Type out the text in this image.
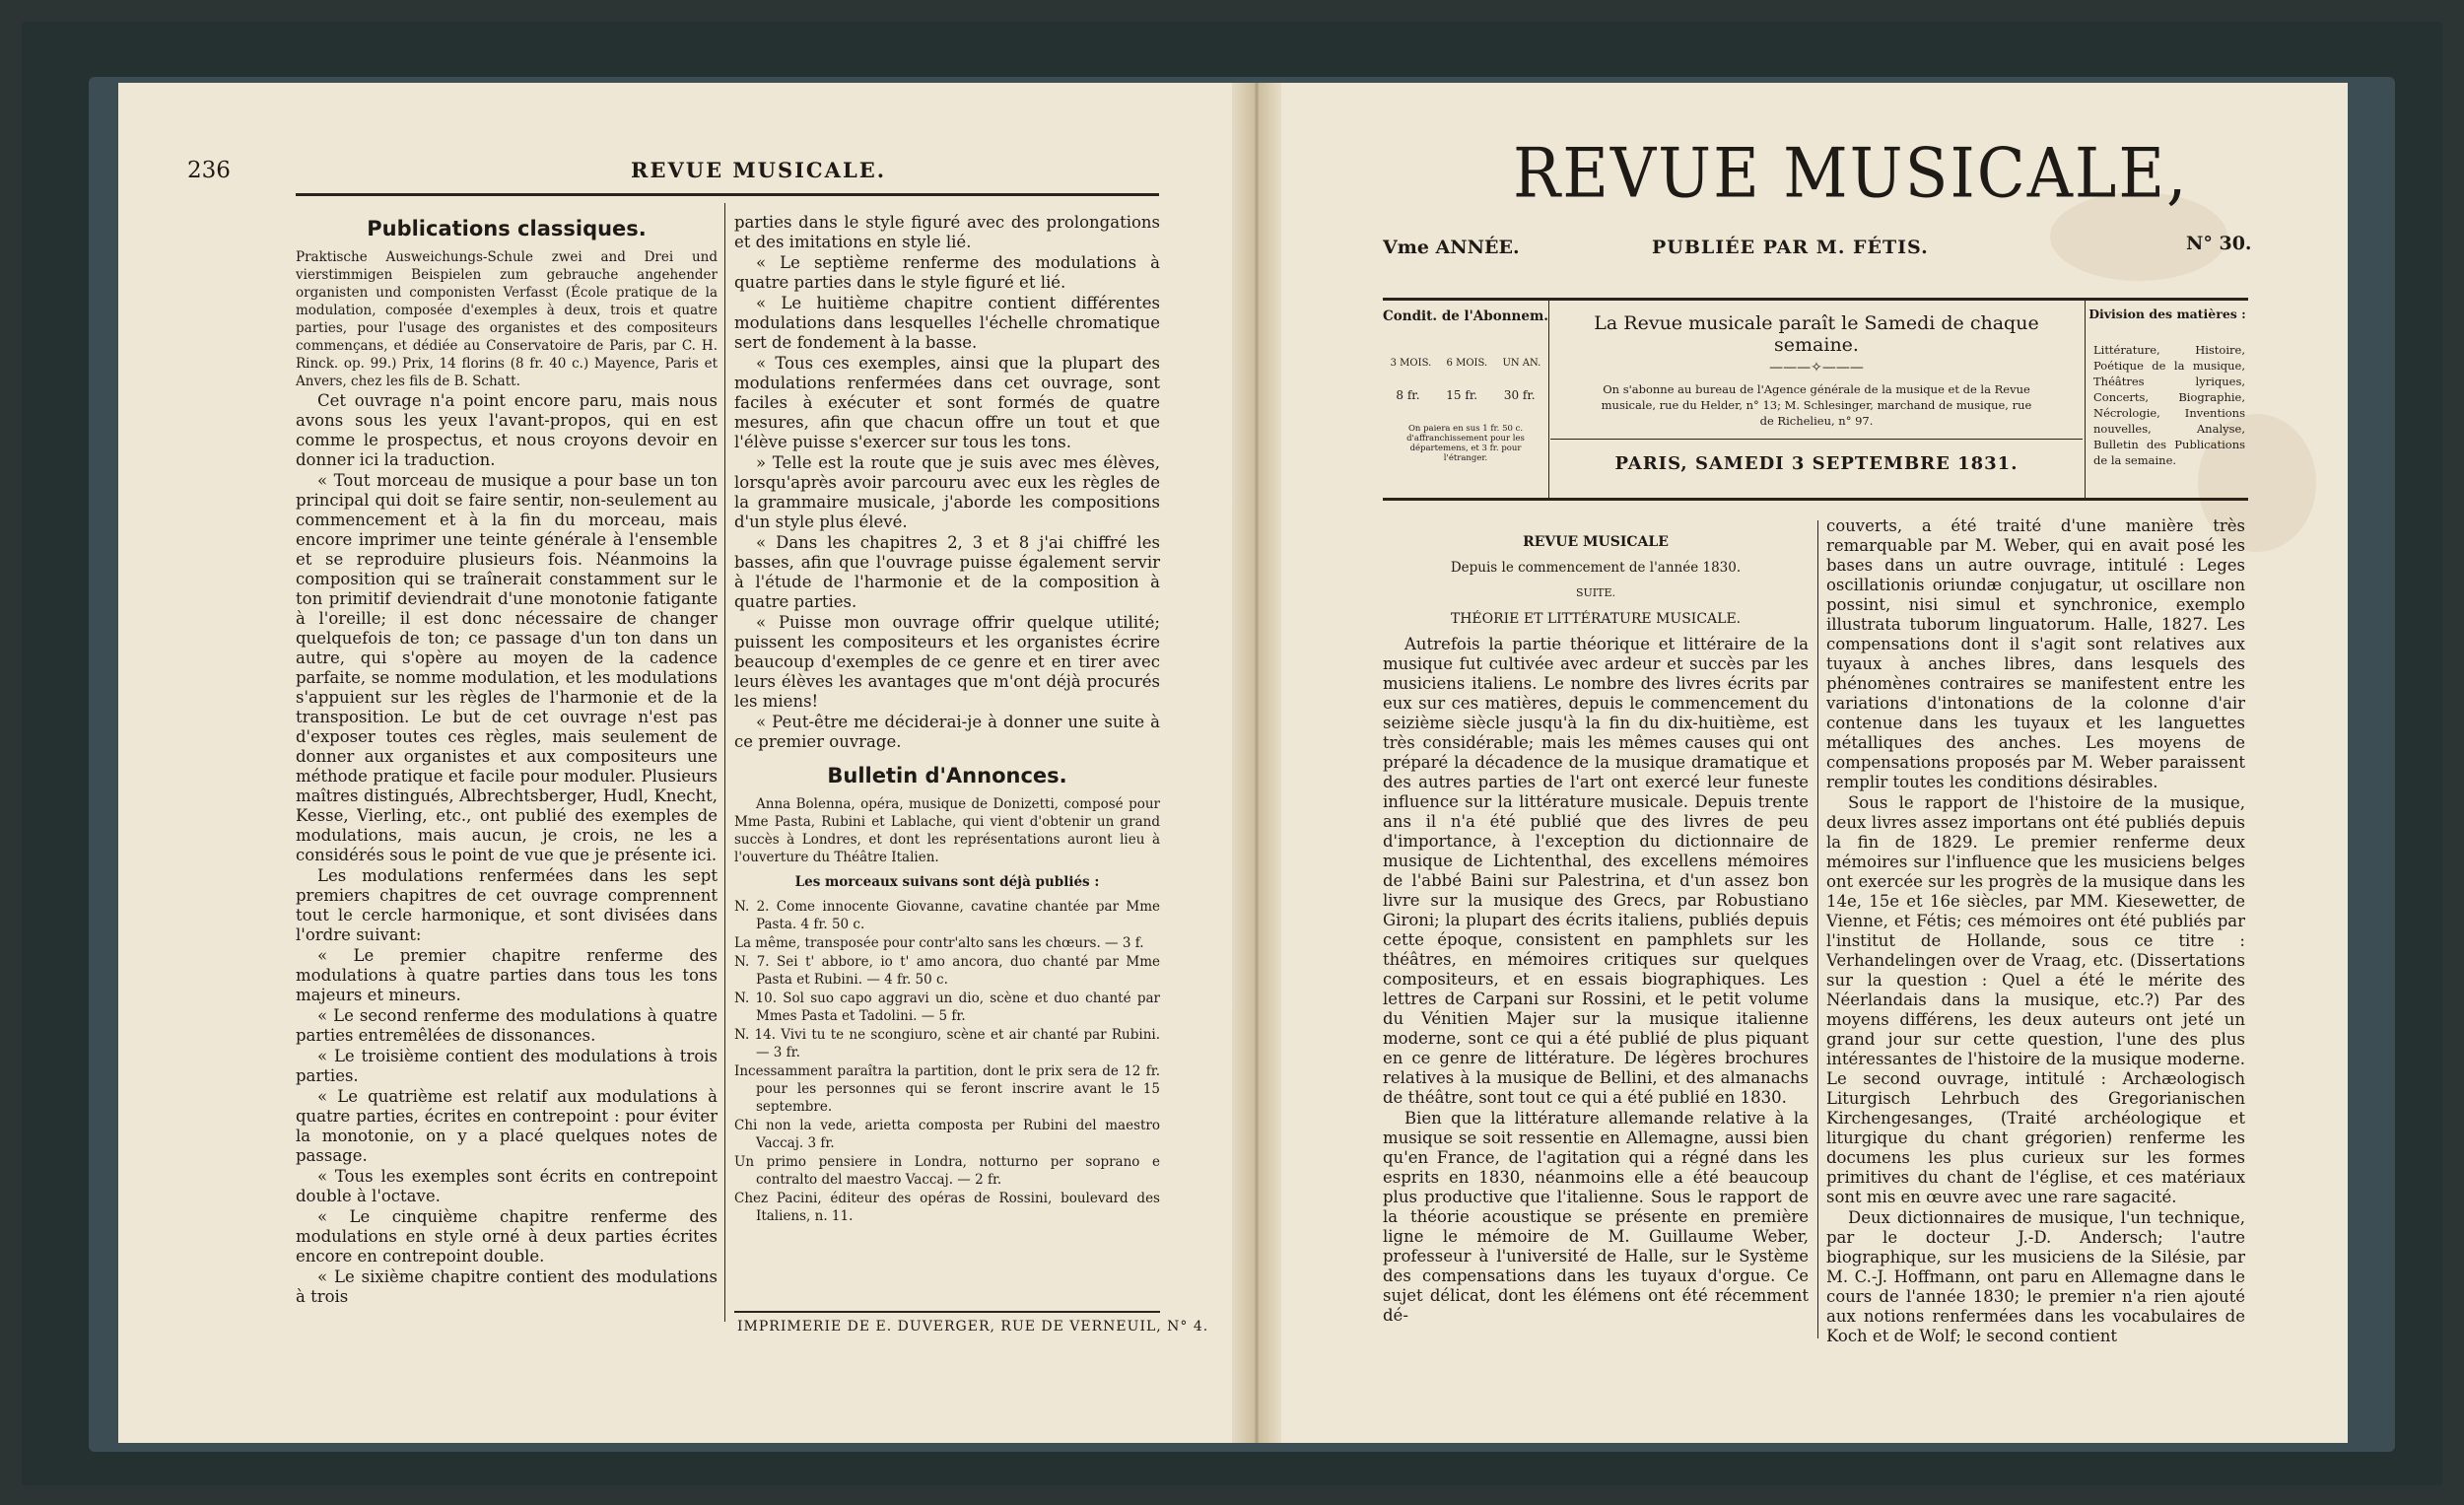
236	REVUE MUSICALE.
Publications classiques.

Praktische Ausweichungs-Schule zwei and Drei und vierstimmigen Beispielen zum gebrauche angehender organisten und componisten Verfasst (École pratique de la modulation, composée d'exemples à deux, trois et quatre parties, pour l'usage des organistes et des compositeurs commençans, et dédiée au Conservatoire de Paris, par C. H. Rinck. op. 99.) Prix, 14 florins (8 fr. 40 c.) Mayence, Paris et Anvers, chez les fils de B. Schatt.

Cet ouvrage n'a point encore paru, mais nous avons sous les yeux l'avant-propos, qui en est comme le prospectus, et nous croyons devoir en donner ici la traduction.

« Tout morceau de musique a pour base un ton principal qui doit se faire sentir, non-seulement au commencement et à la fin du morceau, mais encore imprimer une teinte générale à l'ensemble et se reproduire plusieurs fois. Néanmoins la composition qui se traînerait constamment sur le ton primitif deviendrait d'une monotonie fatigante à l'oreille; il est donc nécessaire de changer quelquefois de ton; ce passage d'un ton dans un autre, qui s'opère au moyen de la cadence parfaite, se nomme modulation, et les modulations s'appuient sur les règles de l'harmonie et de la transposition. Le but de cet ouvrage n'est pas d'exposer toutes ces règles, mais seulement de donner aux organistes et aux compositeurs une méthode pratique et facile pour moduler. Plusieurs maîtres distingués, Albrechtsberger, Hudl, Knecht, Kesse, Vierling, etc., ont publié des exemples de modulations, mais aucun, je crois, ne les a considérés sous le point de vue que je présente ici.

Les modulations renfermées dans les sept premiers chapitres de cet ouvrage comprennent tout le cercle harmonique, et sont divisées dans l'ordre suivant:

« Le premier chapitre renferme des modulations à quatre parties dans tous les tons majeurs et mineurs.

« Le second renferme des modulations à quatre parties entremêlées de dissonances.

« Le troisième contient des modulations à trois parties.

« Le quatrième est relatif aux modulations à quatre parties, écrites en contrepoint : pour éviter la monotonie, on y a placé quelques notes de passage.

« Tous les exemples sont écrits en contrepoint double à l'octave.

« Le cinquième chapitre renferme des modulations en style orné à deux parties écrites encore en contrepoint double.

« Le sixième chapitre contient des modulations à trois

parties dans le style figuré avec des prolongations et des imitations en style lié.

« Le septième renferme des modulations à quatre parties dans le style figuré et lié.

« Le huitième chapitre contient différentes modulations dans lesquelles l'échelle chromatique sert de fondement à la basse.

« Tous ces exemples, ainsi que la plupart des modulations renfermées dans cet ouvrage, sont faciles à exécuter et sont formés de quatre mesures, afin que chacun offre un tout et que l'élève puisse s'exercer sur tous les tons.

» Telle est la route que je suis avec mes élèves, lorsqu'après avoir parcouru avec eux les règles de la grammaire musicale, j'aborde les compositions d'un style plus élevé.

« Dans les chapitres 2, 3 et 8 j'ai chiffré les basses, afin que l'ouvrage puisse également servir à l'étude de l'harmonie et de la composition à quatre parties.

« Puisse mon ouvrage offrir quelque utilité; puissent les compositeurs et les organistes écrire beaucoup d'exemples de ce genre et en tirer avec leurs élèves les avantages que m'ont déjà procurés les miens!

« Peut-être me déciderai-je à donner une suite à ce premier ouvrage.

Bulletin d'Annonces.

Anna Bolenna, opéra, musique de Donizetti, composé pour Mme Pasta, Rubini et Lablache, qui vient d'obtenir un grand succès à Londres, et dont les représentations auront lieu à l'ouverture du Théâtre Italien.

Les morceaux suivans sont déjà publiés :

N. 2. Come innocente Giovanne, cavatine chantée par Mme Pasta. 4 fr. 50 c.

La même, transposée pour contr'alto sans les chœurs. — 3 f.

N. 7. Sei t' abbore, io t' amo ancora, duo chanté par Mme Pasta et Rubini. — 4 fr. 50 c.

N. 10. Sol suo capo aggravi un dio, scène et duo chanté par Mmes Pasta et Tadolini. — 5 fr.

N. 14. Vivi tu te ne scongiuro, scène et air chanté par Rubini. — 3 fr.

Incessamment paraîtra la partition, dont le prix sera de 12 fr. pour les personnes qui se feront inscrire avant le 15 septembre.

Chi non la vede, arietta composta per Rubini del maestro Vaccaj. 3 fr.

Un primo pensiere in Londra, notturno per soprano e contralto del maestro Vaccaj. — 2 fr.

Chez Pacini, éditeur des opéras de Rossini, boulevard des Italiens, n. 11.

IMPRIMERIE DE E. DUVERGER, RUE DE VERNEUIL, N° 4.
REVUE MUSICALE,
Vme ANNÉE.	PUBLIÉE PAR M. FÉTIS.	N° 30.
Condit. de l'Abonnem.
3 MOIS. 6 MOIS. UN AN.
8 fr. 15 fr. 30 fr.
On paiera en sus 1 fr. 50 c. d'affranchissement pour les départemens, et 3 fr. pour l'étranger.
La Revue musicale paraît le Samedi de chaque semaine.
———✧———
On s'abonne au bureau de l'Agence générale de la musique et de la Revue musicale, rue du Helder, n° 13; M. Schlesinger, marchand de musique, rue de Richelieu, n° 97.
PARIS, SAMEDI 3 SEPTEMBRE 1831.
Division des matières :
Littérature, Histoire, Poétique de la musique, Théâtres lyriques, Concerts, Biographie, Nécrologie, Inventions nouvelles, Analyse, Bulletin des Publications de la semaine.
REVUE MUSICALE
Depuis le commencement de l'année 1830.
SUITE.
THÉORIE ET LITTÉRATURE MUSICALE.

Autrefois la partie théorique et littéraire de la musique fut cultivée avec ardeur et succès par les musiciens italiens. Le nombre des livres écrits par eux sur ces matières, depuis le commencement du seizième siècle jusqu'à la fin du dix-huitième, est très considérable; mais les mêmes causes qui ont préparé la décadence de la musique dramatique et des autres parties de l'art ont exercé leur funeste influence sur la littérature musicale. Depuis trente ans il n'a été publié que des livres de peu d'importance, à l'exception du dictionnaire de musique de Lichtenthal, des excellens mémoires de l'abbé Baini sur Palestrina, et d'un assez bon livre sur la musique des Grecs, par Robustiano Gironi; la plupart des écrits italiens, publiés depuis cette époque, consistent en pamphlets sur les théâtres, en mémoires critiques sur quelques compositeurs, et en essais biographiques. Les lettres de Carpani sur Rossini, et le petit volume du Vénitien Majer sur la musique italienne moderne, sont ce qui a été publié de plus piquant en ce genre de littérature. De légères brochures relatives à la musique de Bellini, et des almanachs de théâtre, sont tout ce qui a été publié en 1830.

Bien que la littérature allemande relative à la musique se soit ressentie en Allemagne, aussi bien qu'en France, de l'agitation qui a régné dans les esprits en 1830, néanmoins elle a été beaucoup plus productive que l'italienne. Sous le rapport de la théorie acoustique se présente en première ligne le mémoire de M. Guillaume Weber, professeur à l'université de Halle, sur le Système des compensations dans les tuyaux d'orgue. Ce sujet délicat, dont les élémens ont été récemment dé-

couverts, a été traité d'une manière très remarquable par M. Weber, qui en avait posé les bases dans un autre ouvrage, intitulé : Leges oscillationis oriundæ conjugatur, ut oscillare non possint, nisi simul et synchronice, exemplo illustrata tuborum linguatorum. Halle, 1827. Les compensations dont il s'agit sont relatives aux tuyaux à anches libres, dans lesquels des phénomènes contraires se manifestent entre les variations d'intonations de la colonne d'air contenue dans les tuyaux et les languettes métalliques des anches. Les moyens de compensations proposés par M. Weber paraissent remplir toutes les conditions désirables.

Sous le rapport de l'histoire de la musique, deux livres assez importans ont été publiés depuis la fin de 1829. Le premier renferme deux mémoires sur l'influence que les musiciens belges ont exercée sur les progrès de la musique dans les 14e, 15e et 16e siècles, par MM. Kiesewetter, de Vienne, et Fétis; ces mémoires ont été publiés par l'institut de Hollande, sous ce titre : Verhandelingen over de Vraag, etc. (Dissertations sur la question : Quel a été le mérite des Néerlandais dans la musique, etc.?) Par des moyens différens, les deux auteurs ont jeté un grand jour sur cette question, l'une des plus intéressantes de l'histoire de la musique moderne. Le second ouvrage, intitulé : Archæologisch Liturgisch Lehrbuch des Gregorianischen Kirchengesanges, (Traité archéologique et liturgique du chant grégorien) renferme les documens les plus curieux sur les formes primitives du chant de l'église, et ces matériaux sont mis en œuvre avec une rare sagacité.

Deux dictionnaires de musique, l'un technique, par le docteur J.-D. Andersch; l'autre biographique, sur les musiciens de la Silésie, par M. C.-J. Hoffmann, ont paru en Allemagne dans le cours de l'année 1830; le premier n'a rien ajouté aux notions renfermées dans les vocabulaires de Koch et de Wolf; le second contient
